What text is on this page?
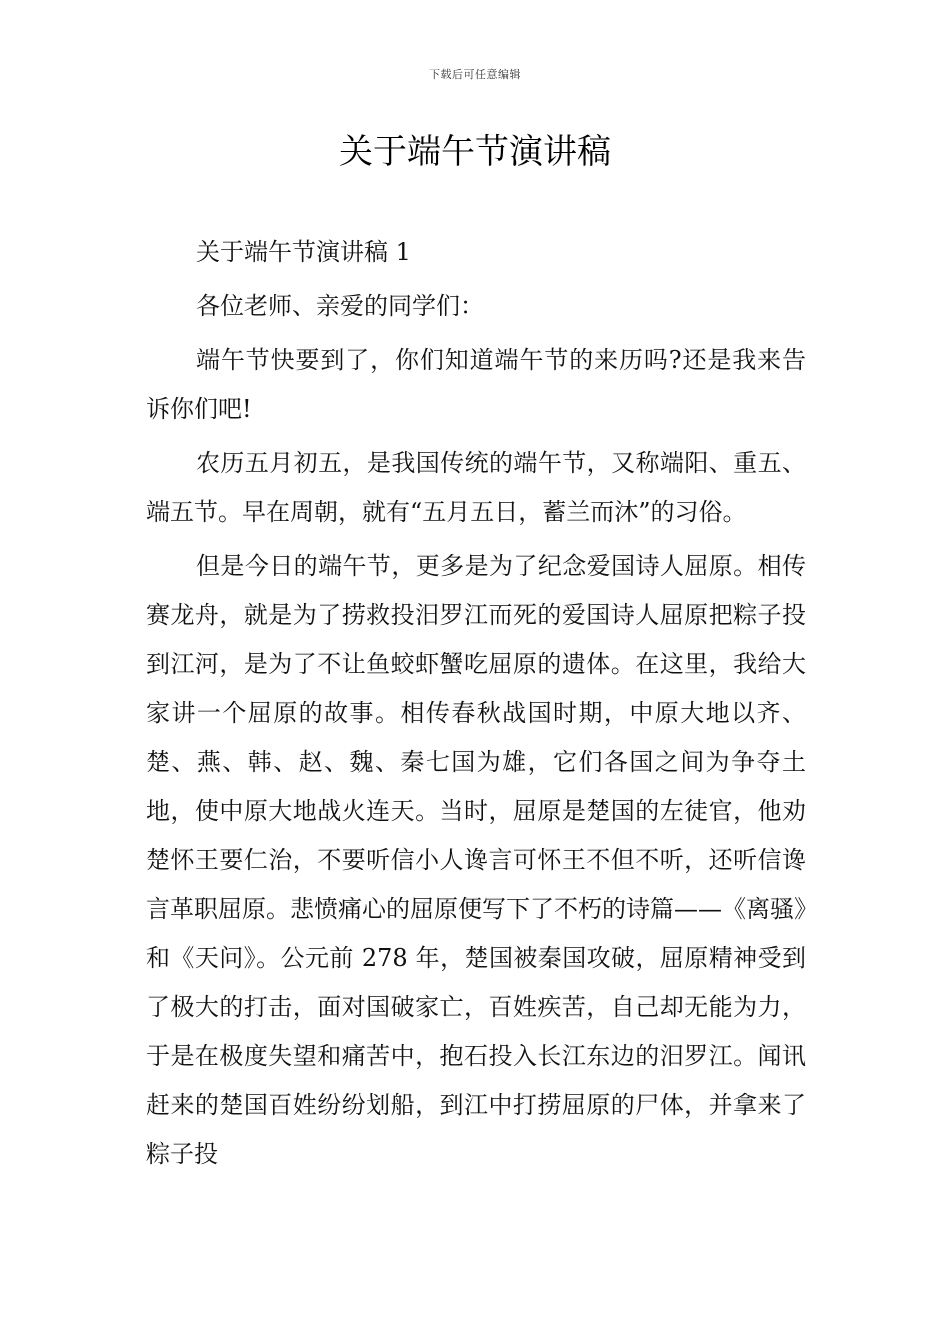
下载后可任意编辑
关于端午节演讲稿

关于端午节演讲稿 1

各位老师、亲爱的同学们：

端午节快要到了，你们知道端午节的来历吗?还是我来告诉你们吧!

农历五月初五，是我国传统的端午节，又称端阳、重五、端五节。早在周朝，就有“五月五日，蓄兰而沐”的习俗。

但是今日的端午节，更多是为了纪念爱国诗人屈原。相传赛龙舟，就是为了捞救投汨罗江而死的爱国诗人屈原把粽子投到江河，是为了不让鱼蛟虾蟹吃屈原的遗体。在这里，我给大家讲一个屈原的故事。相传春秋战国时期，中原大地以齐、楚、燕、韩、赵、魏、秦七国为雄，它们各国之间为争夺土地，使中原大地战火连天。当时，屈原是楚国的左徒官，他劝楚怀王要仁治，不要听信小人谗言可怀王不但不听，还听信谗言革职屈原。悲愤痛心的屈原便写下了不朽的诗篇——《离骚》和《天问》。公元前 278 年，楚国被秦国攻破，屈原精神受到了极大的打击，面对国破家亡，百姓疾苦，自己却无能为力，于是在极度失望和痛苦中，抱石投入长江东边的汨罗江。闻讯赶来的楚国百姓纷纷划船，到江中打捞屈原的尸体，并拿来了粽子投
